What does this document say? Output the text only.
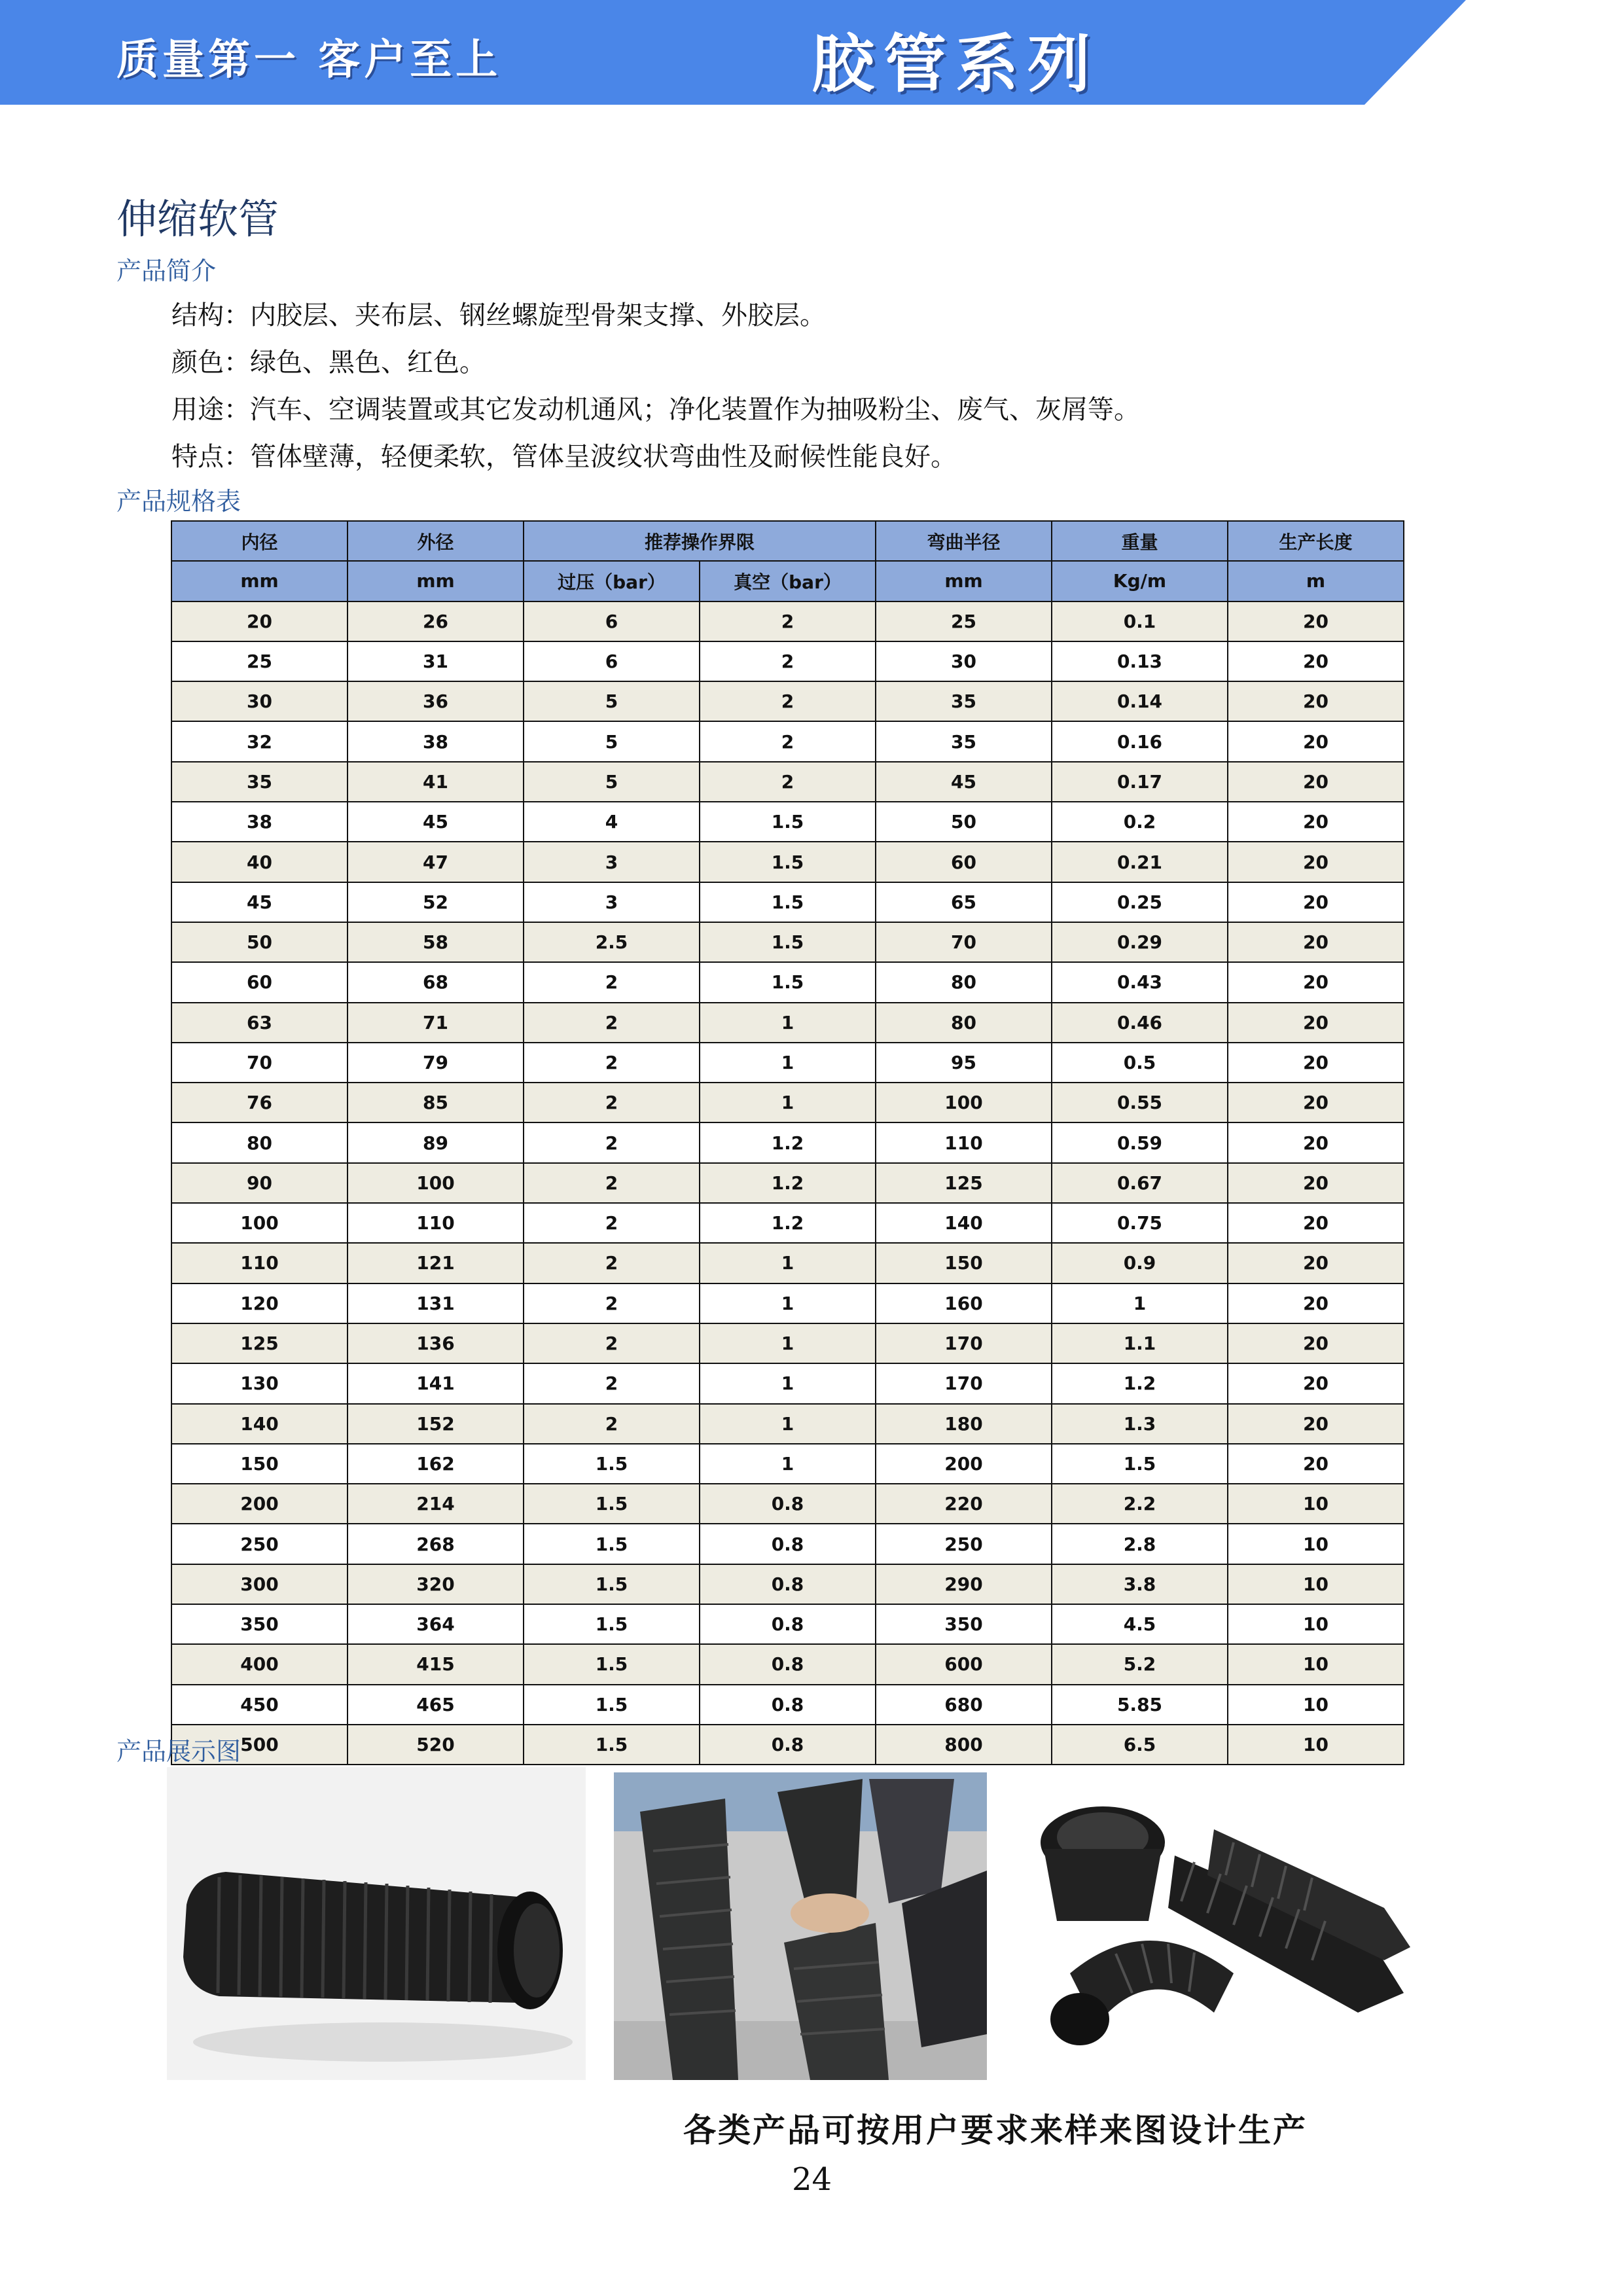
质量第一 客户至上	胶管系列
伸缩软管
产品简介
结构：内胶层、夹布层、钢丝螺旋型骨架支撑、外胶层。
颜色：绿色、黑色、红色。
用途：汽车、空调装置或其它发动机通风；净化装置作为抽吸粉尘、废气、灰屑等。
特点：管体壁薄，轻便柔软，管体呈波纹状弯曲性及耐候性能良好。
产品规格表
内径	外径	推荐操作界限		弯曲半径	重量	生产长度
mm	mm	过压（bar）	真空（bar）	mm	Kg/m	m
20	26	6	2	25	0.1	20
25	31	6	2	30	0.13	20
30	36	5	2	35	0.14	20
32	38	5	2	35	0.16	20
35	41	5	2	45	0.17	20
38	45	4	1.5	50	0.2	20
40	47	3	1.5	60	0.21	20
45	52	3	1.5	65	0.25	20
50	58	2.5	1.5	70	0.29	20
60	68	2	1.5	80	0.43	20
63	71	2	1	80	0.46	20
70	79	2	1	95	0.5	20
76	85	2	1	100	0.55	20
80	89	2	1.2	110	0.59	20
90	100	2	1.2	125	0.67	20
100	110	2	1.2	140	0.75	20
110	121	2	1	150	0.9	20
120	131	2	1	160	1	20
125	136	2	1	170	1.1	20
130	141	2	1	170	1.2	20
140	152	2	1	180	1.3	20
150	162	1.5	1	200	1.5	20
200	214	1.5	0.8	220	2.2	10
250	268	1.5	0.8	250	2.8	10
300	320	1.5	0.8	290	3.8	10
350	364	1.5	0.8	350	4.5	10
400	415	1.5	0.8	600	5.2	10
450	465	1.5	0.8	680	5.85	10
500	520	1.5	0.8	800	6.5	10
产品展示图
各类产品可按用户要求来样来图设计生产
24
